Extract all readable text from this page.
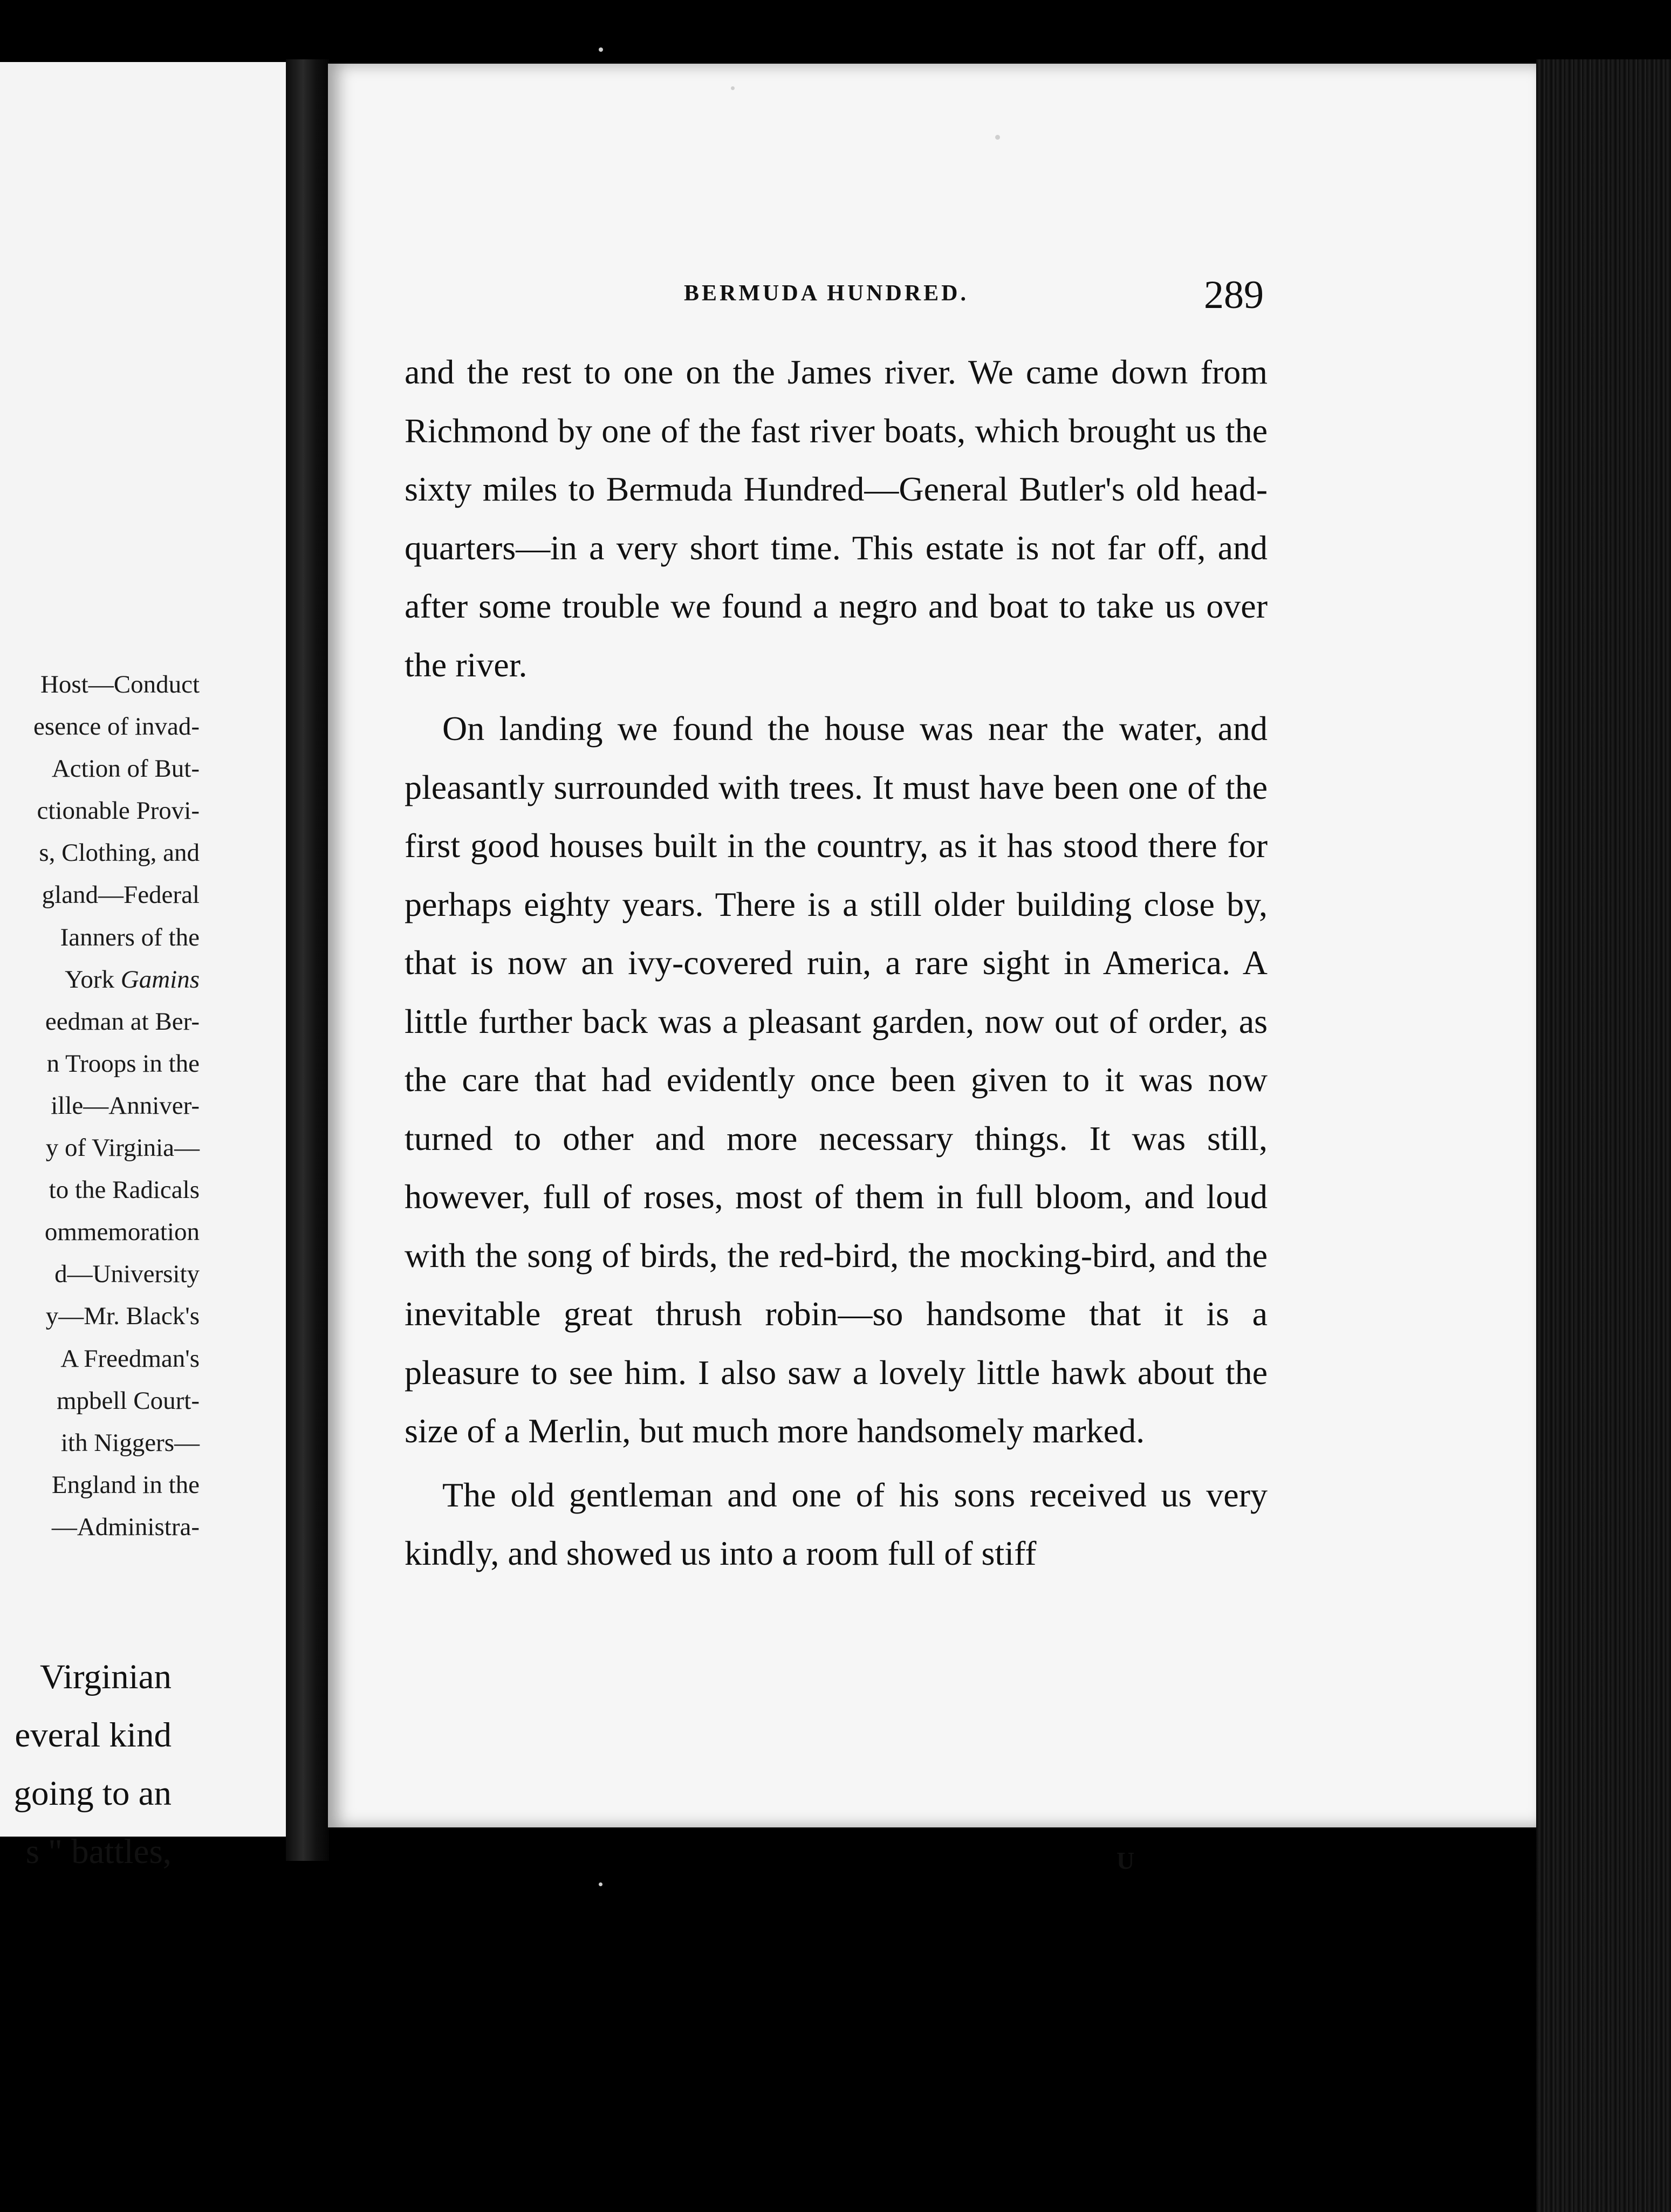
Host—Conduct
esence of invad-
Action of But-
ctionable Provi-
s, Clothing, and
gland—Federal
Ianners of the
York Gamins
eedman at Ber-
n Troops in the
ille—Anniver-
y of Virginia—
to the Radicals
ommemoration
d—University
y—Mr. Black's
A Freedman's
mpbell Court-
ith Niggers—
England in the
—Administra-
Virginian
everal kind
going to an
s " battles,
BERMUDA HUNDRED.	289

and the rest to one on the James river. We came down from Richmond by one of the fast river boats, which brought us the sixty miles to Bermuda Hundred—General Butler's old head-quarters—in a very short time. This estate is not far off, and after some trouble we found a negro and boat to take us over the river.

On landing we found the house was near the water, and pleasantly surrounded with trees. It must have been one of the first good houses built in the country, as it has stood there for perhaps eighty years. There is a still older building close by, that is now an ivy-covered ruin, a rare sight in America. A little further back was a pleasant garden, now out of order, as the care that had evidently once been given to it was now turned to other and more necessary things. It was still, however, full of roses, most of them in full bloom, and loud with the song of birds, the red-bird, the mocking-bird, and the inevitable great thrush robin—so handsome that it is a pleasure to see him. I also saw a lovely little hawk about the size of a Merlin, but much more handsomely marked.

The old gentleman and one of his sons received us very kindly, and showed us into a room full of stiff

U
